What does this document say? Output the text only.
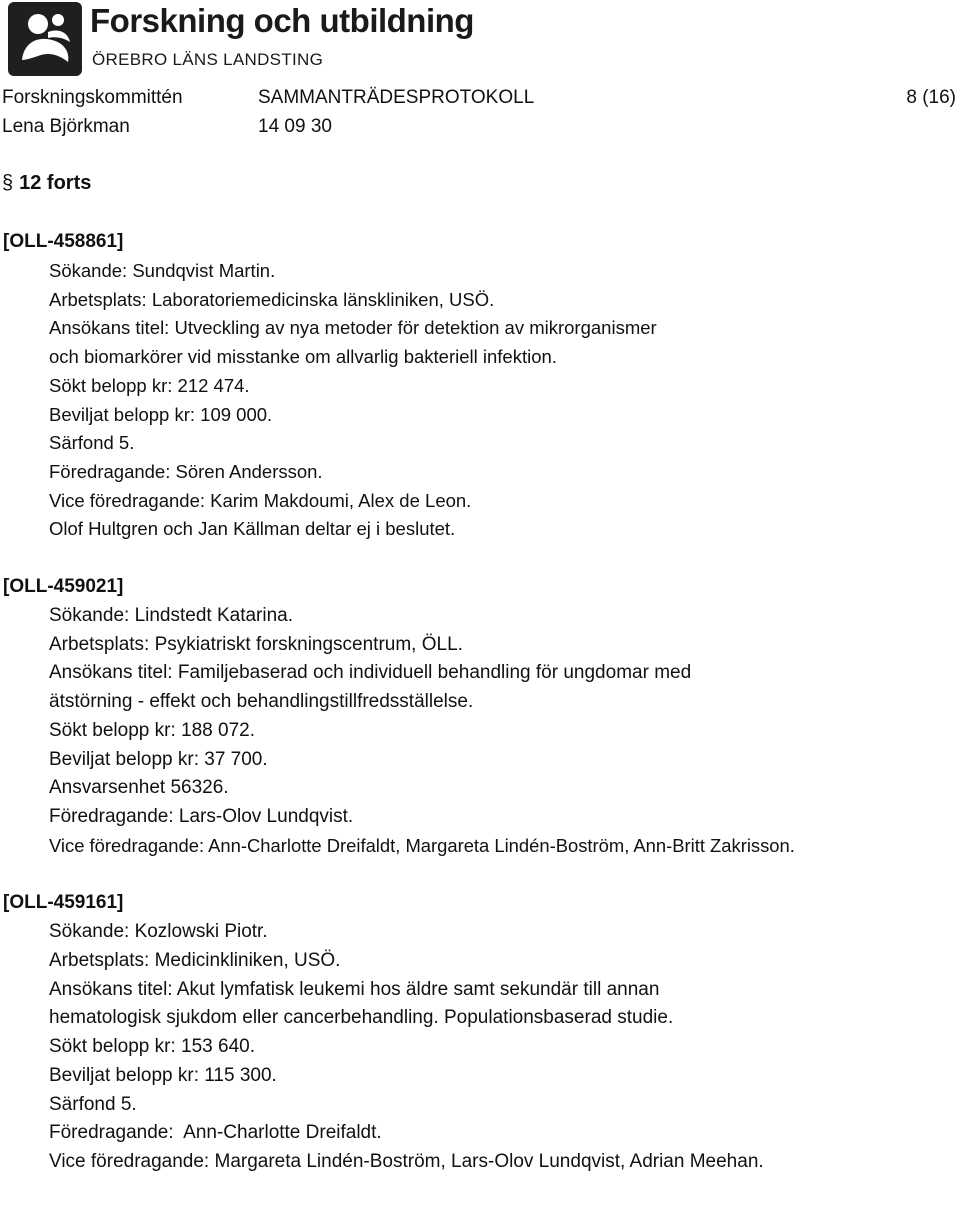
Forskning och utbildning
ÖREBRO LÄNS LANDSTING
Forskningskommittén	SAMMANTRÄDESPROTOKOLL	8 (16)
Lena Björkman	14 09 30
§ 12 forts
[OLL-458861]
Sökande: Sundqvist Martin.
Arbetsplats: Laboratoriemedicinska länskliniken, USÖ.
Ansökans titel: Utveckling av nya metoder för detektion av mikrorganismer
och biomarkörer vid misstanke om allvarlig bakteriell infektion.
Sökt belopp kr: 212 474.
Beviljat belopp kr: 109 000.
Särfond 5.
Föredragande: Sören Andersson.
Vice föredragande: Karim Makdoumi, Alex de Leon.
Olof Hultgren och Jan Källman deltar ej i beslutet.
[OLL-459021]
Sökande: Lindstedt Katarina.
Arbetsplats: Psykiatriskt forskningscentrum, ÖLL.
Ansökans titel: Familjebaserad och individuell behandling för ungdomar med
ätstörning - effekt och behandlingstillfredsställelse.
Sökt belopp kr: 188 072.
Beviljat belopp kr: 37 700.
Ansvarsenhet 56326.
Föredragande: Lars-Olov Lundqvist.
Vice föredragande: Ann-Charlotte Dreifaldt, Margareta Lindén-Boström, Ann-Britt Zakrisson.
[OLL-459161]
Sökande: Kozlowski Piotr.
Arbetsplats: Medicinkliniken, USÖ.
Ansökans titel: Akut lymfatisk leukemi hos äldre samt sekundär till annan
hematologisk sjukdom eller cancerbehandling. Populationsbaserad studie.
Sökt belopp kr: 153 640.
Beviljat belopp kr: 115 300.
Särfond 5.
Föredragande:  Ann-Charlotte Dreifaldt.
Vice föredragande: Margareta Lindén-Boström, Lars-Olov Lundqvist, Adrian Meehan.
